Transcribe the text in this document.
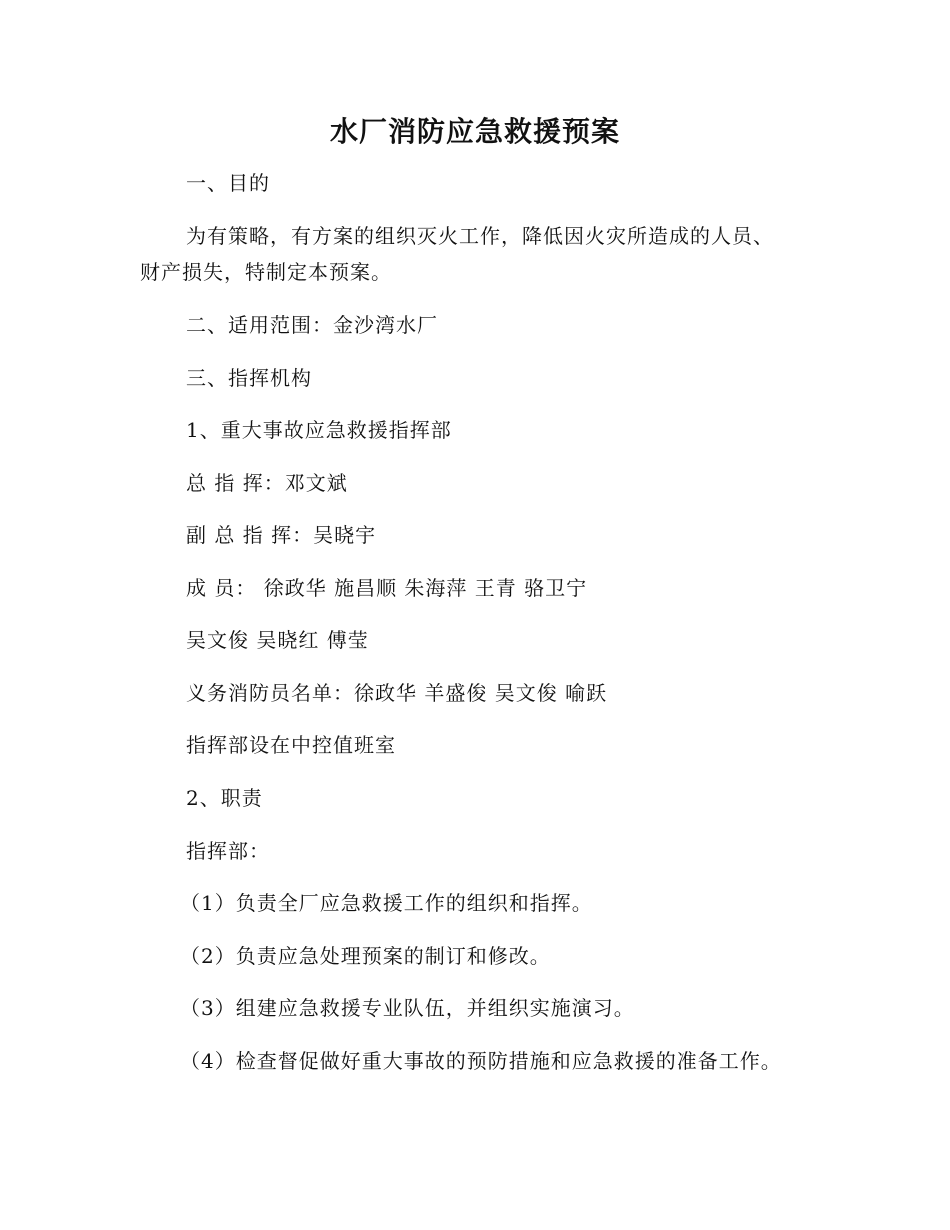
水厂消防应急救援预案
一、目的
为有策略，有方案的组织灭火工作，降低因火灾所造成的人员、
财产损失，特制定本预案。
二、适用范围：金沙湾水厂
三、指挥机构
1、重大事故应急救援指挥部
总 指 挥：邓文斌
副 总 指 挥：吴晓宇
成 员： 徐政华 施昌顺 朱海萍 王青 骆卫宁
吴文俊 吴晓红 傅莹
义务消防员名单：徐政华 羊盛俊 吴文俊 喻跃
指挥部设在中控值班室
2、职责
指挥部：
（1）负责全厂应急救援工作的组织和指挥。
（2）负责应急处理预案的制订和修改。
（3）组建应急救援专业队伍，并组织实施演习。
（4）检查督促做好重大事故的预防措施和应急救援的准备工作。
